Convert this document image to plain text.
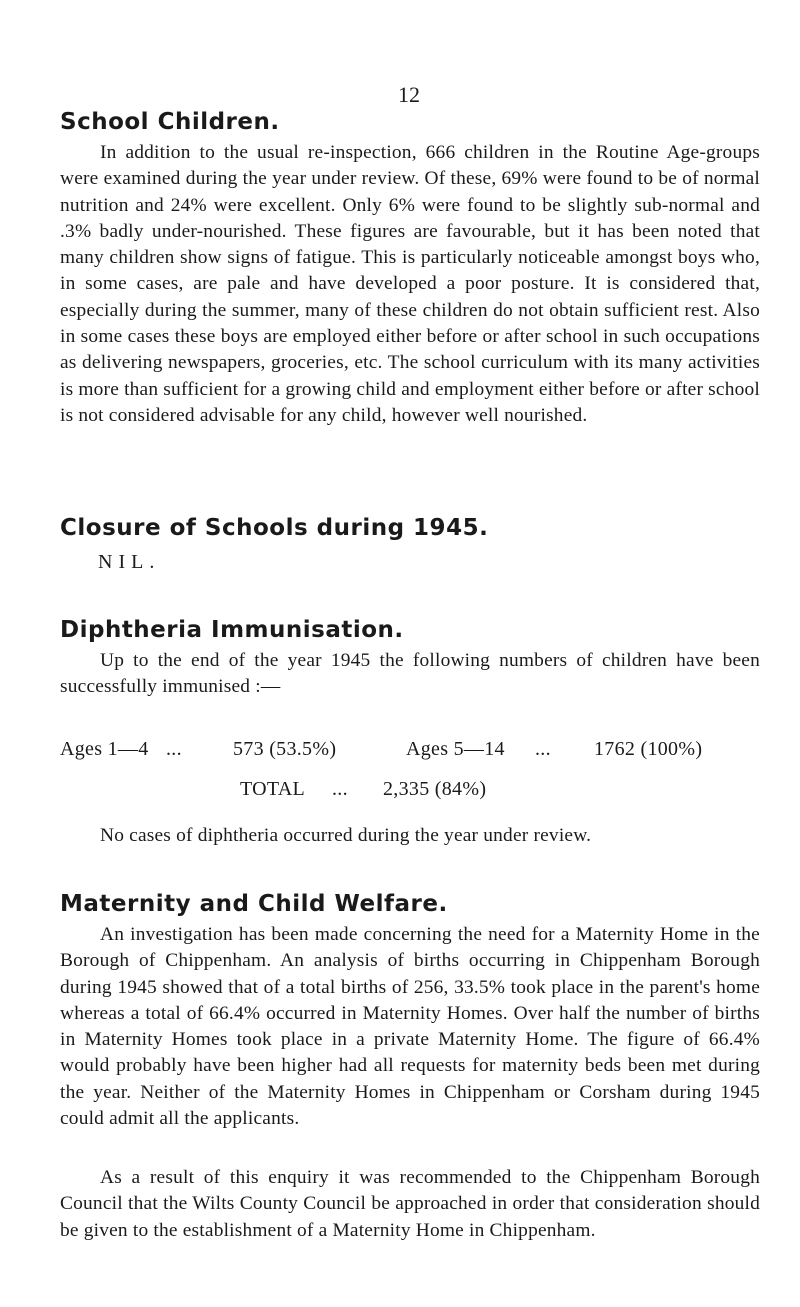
12
School Children.

In addition to the usual re-inspection, 666 children in the Routine Age-groups were examined during the year under review. Of these, 69% were found to be of normal nutrition and 24% were excellent. Only 6% were found to be slightly sub-normal and .3% badly under-nourished. These figures are favourable, but it has been noted that many children show signs of fatigue. This is particularly noticeable amongst boys who, in some cases, are pale and have developed a poor posture. It is considered that, especially during the summer, many of these children do not obtain sufficient rest. Also in some cases these boys are employed either before or after school in such occupations as delivering newspapers, groceries, etc. The school curriculum with its many activities is more than sufficient for a growing child and employment either before or after school is not considered advisable for any child, however well nourished.

Closure of Schools during 1945.
NIL.
Diphtheria Immunisation.

Up to the end of the year 1945 the following numbers of children have been successfully immunised :—

Ages 1—4 ...	573 (53.5%)	Ages 5—14 ... 1762 (100%)
TOTAL ... 2,335 (84%)

No cases of diphtheria occurred during the year under review.

Maternity and Child Welfare.

An investigation has been made concerning the need for a Maternity Home in the Borough of Chippenham. An analysis of births occurring in Chippenham Borough during 1945 showed that of a total births of 256, 33.5% took place in the parent's home whereas a total of 66.4% occurred in Maternity Homes. Over half the number of births in Maternity Homes took place in a private Maternity Home. The figure of 66.4% would probably have been higher had all requests for maternity beds been met during the year. Neither of the Maternity Homes in Chippenham or Corsham during 1945 could admit all the applicants.

As a result of this enquiry it was recommended to the Chippenham Borough Council that the Wilts County Council be approached in order that consideration should be given to the establishment of a Maternity Home in Chippenham.
